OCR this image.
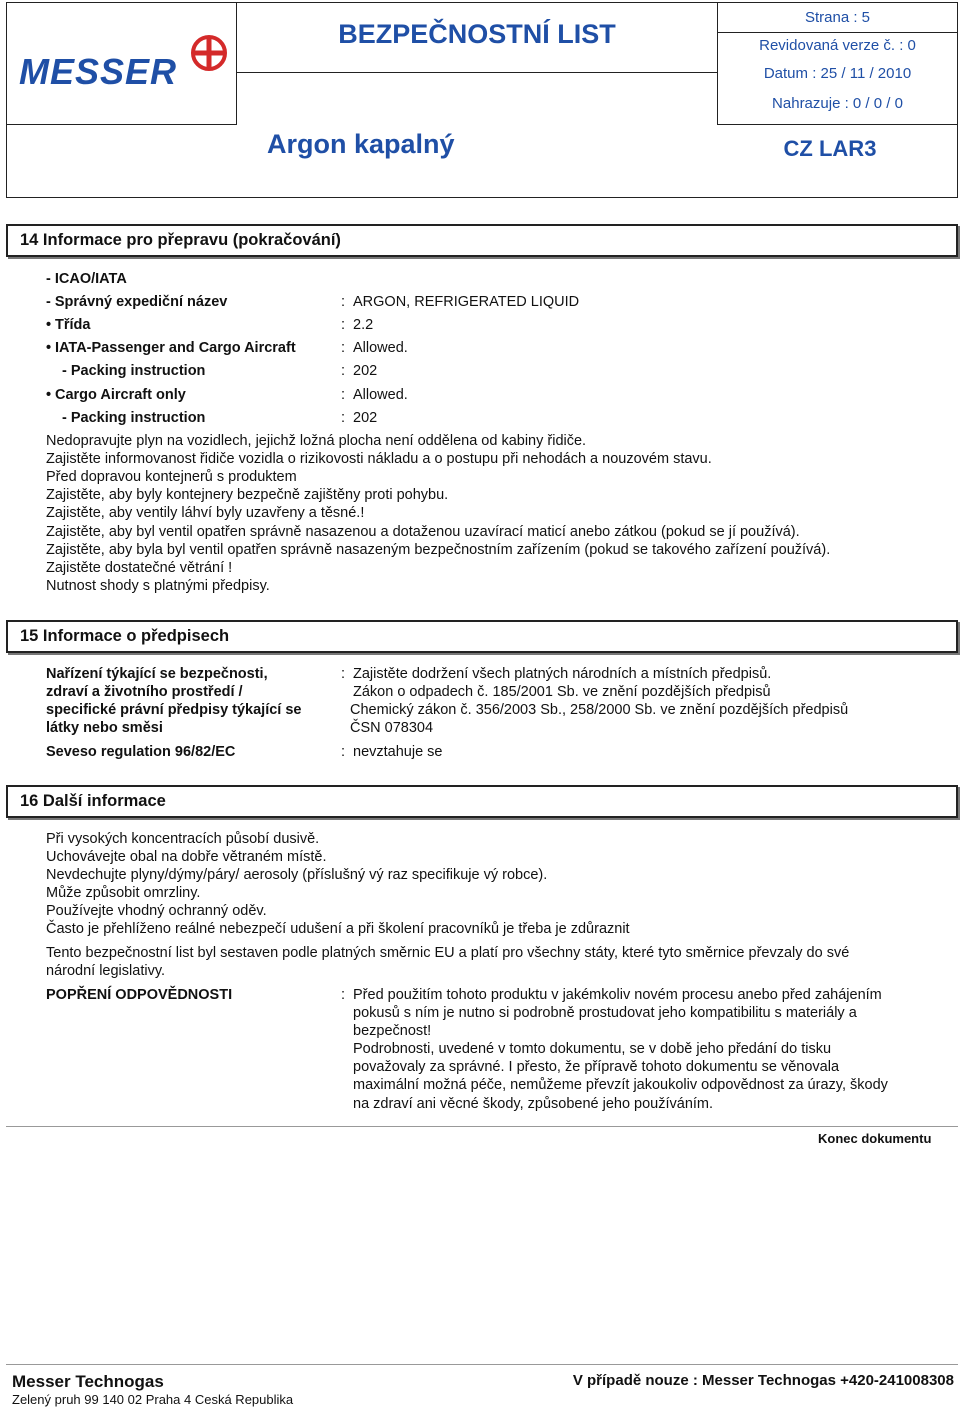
MESSER
BEZPEČNOSTNÍ LIST
Strana : 5
Revidovaná verze č. : 0
Datum : 25 / 11 / 2010
Nahrazuje : 0 / 0 / 0
Argon kapalný	CZ LAR3
14 Informace pro přepravu (pokračování)
- ICAO/IATA
- Správný expediční název	: ARGON, REFRIGERATED LIQUID
• Třída	: 2.2
• IATA-Passenger and Cargo Aircraft	: Allowed.
- Packing instruction	: 202
• Cargo Aircraft only	: Allowed.
- Packing instruction	: 202
Nedopravujte plyn na vozidlech, jejichž ložná plocha není oddělena od kabiny řidiče.
Zajistěte informovanost řidiče vozidla o rizikovosti nákladu a o postupu při nehodách a nouzovém stavu.
Před dopravou kontejnerů s produktem
Zajistěte, aby byly kontejnery bezpečně zajištěny proti pohybu.
Zajistěte, aby ventily láhví byly uzavřeny a těsné.!
Zajistěte, aby byl ventil opatřen správně nasazenou a dotaženou uzavírací maticí anebo zátkou (pokud se jí používá).
Zajistěte, aby byla byl ventil opatřen správně nasazeným bezpečnostním zařízením (pokud se takového zařízení používá).
Zajistěte dostatečné větrání !
Nutnost shody s platnými předpisy.
15 Informace o předpisech
Nařízení týkající se bezpečnosti,
zdraví a životního prostředí /
specifické právní předpisy týkající se
látky nebo směsi
: Zajistěte dodržení všech platných národních a místních předpisů.
Zákon o odpadech č. 185/2001 Sb. ve znění pozdějších předpisů
Chemický zákon č. 356/2003 Sb., 258/2000 Sb. ve znění pozdějších předpisů
ČSN 078304
Seveso regulation 96/82/EC	: nevztahuje se
16 Další informace
Při vysokých koncentracích působí dusivě.
Uchovávejte obal na dobře větraném místě.
Nevdechujte plyny/dýmy/páry/ aerosoly (příslušný vý raz specifikuje vý robce).
Může způsobit omrzliny.
Používejte vhodný ochranný oděv.
Často je přehlíženo reálné nebezpečí udušení a při školení pracovníků je třeba je zdůraznit
Tento bezpečnostní list byl sestaven podle platných směrnic EU a platí pro všechny státy, které tyto směrnice převzaly do své
národní legislativy.
POPŘENÍ ODPOVĚDNOSTI	: Před použitím tohoto produktu v jakémkoliv novém procesu anebo před zahájením
pokusů s ním je nutno si podrobně prostudovat jeho kompatibilitu s materiály a
bezpečnost!
Podrobnosti, uvedené v tomto dokumentu, se v době jeho předání do tisku
považovaly za správné. I přesto, že přípravě tohoto dokumentu se věnovala
maximální možná péče, nemůžeme převzít jakoukoliv odpovědnost za úrazy, škody
na zdraví ani věcné škody, způsobené jeho používáním.
Konec dokumentu
Messer Technogas
Zelený pruh 99 140 02 Praha 4 Ceská Republika
V případě nouze : Messer Technogas +420-241008308
